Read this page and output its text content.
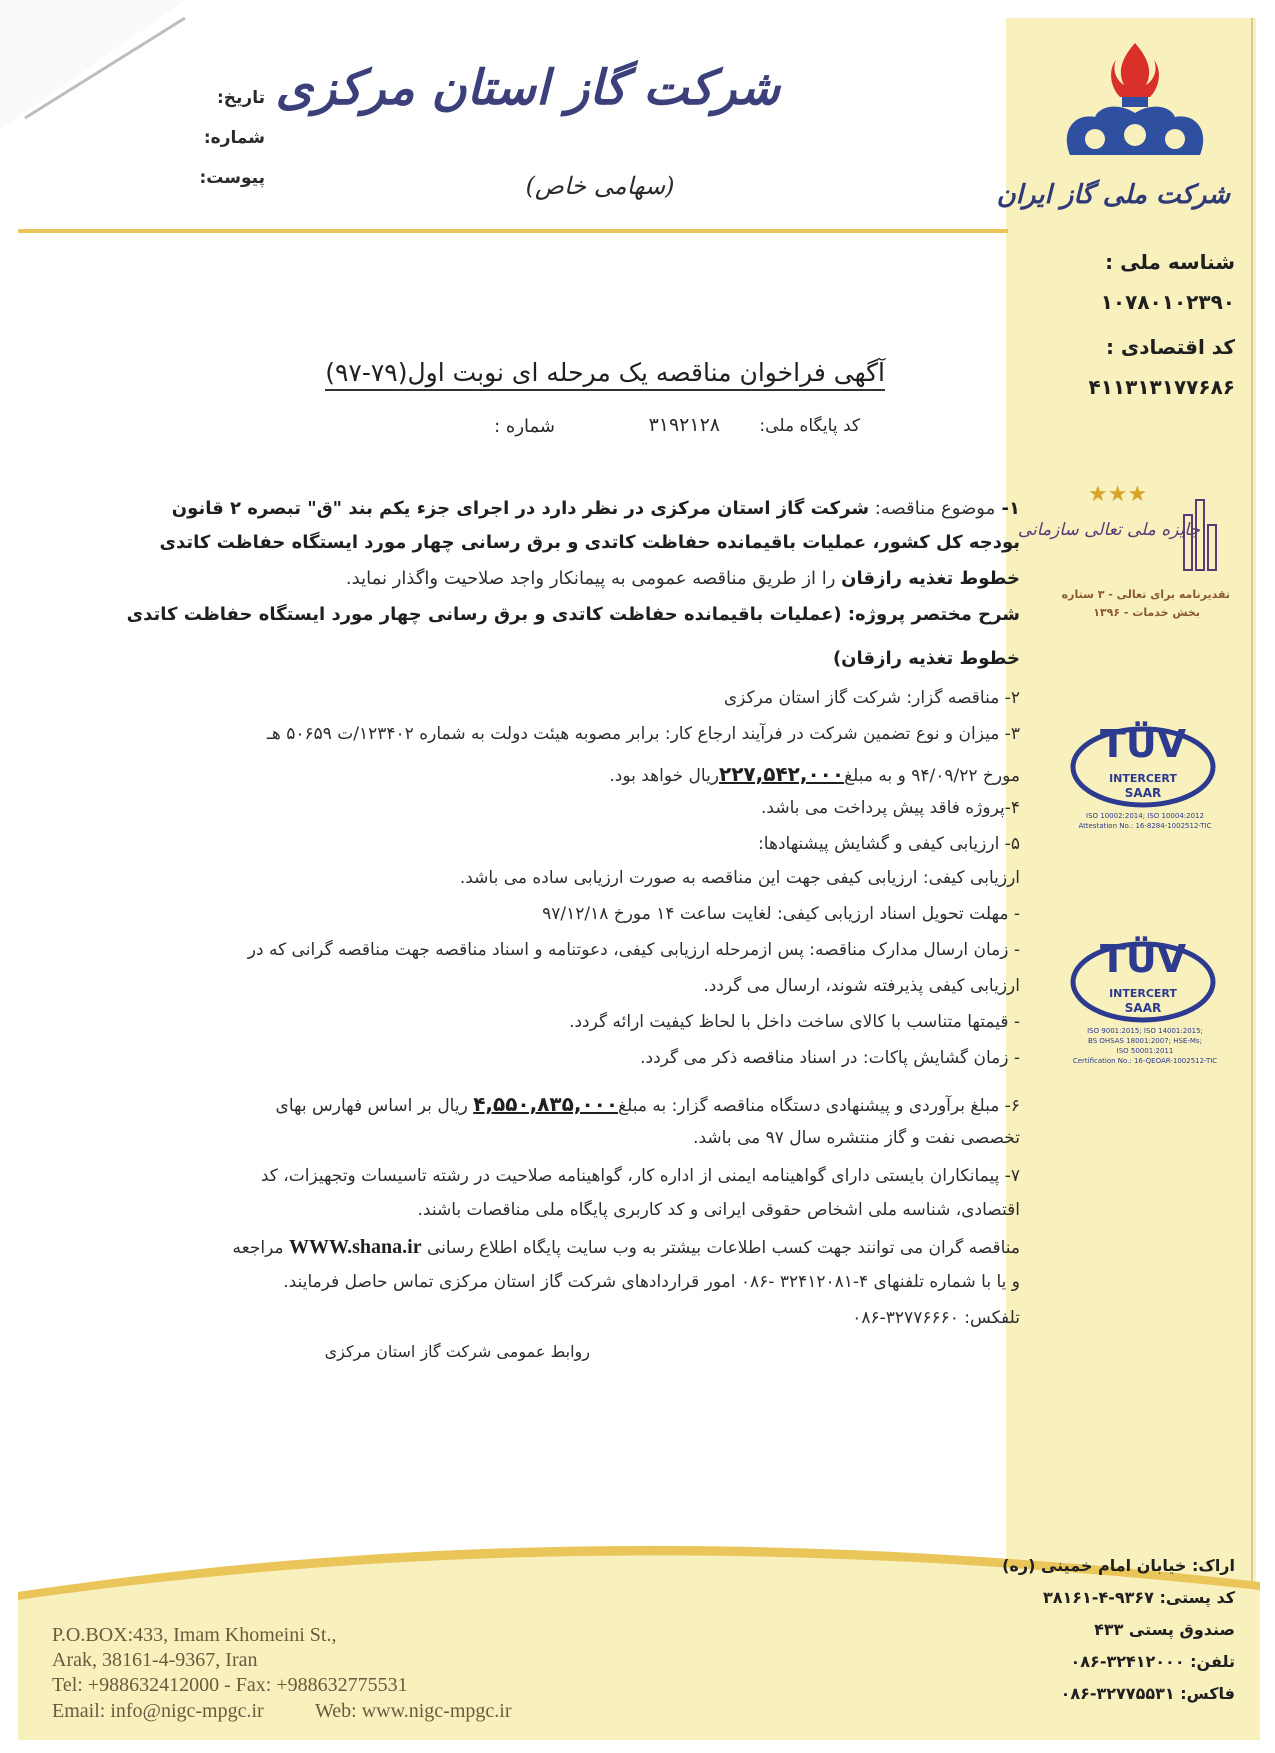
شرکت ملی گاز ایران
شناسه ملی :
۱۰۷۸۰۱۰۲۳۹۰
کد اقتصادی :
۴۱۱۳۱۳۱۷۷۶۸۶
★★★
جایزه ملی تعالی سازمانی
تقدیرنامه برای تعالی - ۳ ستاره
بخش خدمات - ۱۳۹۶
TÜV
INTERCERT
SAAR
ISO 10002:2014; ISO 10004:2012
Attestation No.: 16-8284-1002512-TIC
TÜV
INTERCERT
SAAR
ISO 9001:2015; ISO 14001:2015;
BS OHSAS 18001:2007; HSE-Ms;
ISO 50001:2011
Certification No.: 16-QEOAR-1002512-TIC
شرکت گاز استان مرکزی
(سهامی خاص)
تاریخ:
شماره:
پیوست:
آگهی فراخوان مناقصه یک مرحله ای نوبت اول(۷۹-۹۷)
کد پایگاه ملی:
۳۱۹۲۱۲۸
شماره :
۱- موضوع مناقصه: شرکت گاز استان مرکزی در نظر دارد در اجرای جزء یکم بند "ق" تبصره ۲ قانون
بودجه کل کشور، عملیات باقیمانده حفاظت کاتدی و برق رسانی چهار مورد ایستگاه حفاظت کاتدی
خطوط تغذیه رازقان را از طریق مناقصه عمومی به پیمانکار واجد صلاحیت واگذار نماید.
شرح مختصر پروژه: (عملیات باقیمانده حفاظت کاتدی و برق رسانی چهار مورد ایستگاه حفاظت کاتدی
خطوط تغذیه رازقان)
۲- مناقصه گزار: شرکت گاز استان مرکزی
۳- میزان و نوع تضمین شرکت در فرآیند ارجاع کار: برابر مصوبه هیئت دولت به شماره ۱۲۳۴۰۲/ت ۵۰۶۵۹ هـ
مورخ ۹۴/۰۹/۲۲ و به مبلغ۲۲۷,۵۴۲,۰۰۰ریال خواهد بود.
۴-پروژه فاقد پیش پرداخت می باشد.
۵- ارزیابی کیفی و گشایش پیشنهادها:
ارزیابی کیفی: ارزیابی کیفی جهت این مناقصه به صورت ارزیابی ساده می باشد.
- مهلت تحویل اسناد ارزیابی کیفی: لغایت ساعت ۱۴ مورخ ۹۷/۱۲/۱۸
- زمان ارسال مدارک مناقصه: پس ازمرحله ارزیابی کیفی، دعوتنامه و اسناد مناقصه جهت مناقصه گرانی که در
ارزیابی کیفی پذیرفته شوند، ارسال می گردد.
- قیمتها متناسب با کالای ساخت داخل با لحاظ کیفیت ارائه گردد.
- زمان گشایش پاکات: در اسناد مناقصه ذکر می گردد.
۶- مبلغ برآوردی و پیشنهادی دستگاه مناقصه گزار: به مبلغ۴,۵۵۰,۸۳۵,۰۰۰ ریال بر اساس فهارس بهای
تخصصی نفت و گاز منتشره سال ۹۷ می باشد.
۷- پیمانکاران بایستی دارای گواهینامه ایمنی از اداره کار، گواهینامه صلاحیت در رشته تاسیسات وتجهیزات، کد
اقتصادی، شناسه ملی اشخاص حقوقی ایرانی و کد کاربری پایگاه ملی مناقصات باشند.
مناقصه گران می توانند جهت کسب اطلاعات بیشتر به وب سایت پایگاه اطلاع رسانی WWW.shana.ir مراجعه
و یا با شماره تلفنهای ۴-۳۲۴۱۲۰۸۱ -۰۸۶ امور قراردادهای شرکت گاز استان مرکزی تماس حاصل فرمایند.
تلفکس: ۳۲۷۷۶۶۶۰-۰۸۶
روابط عمومی شرکت گاز استان مرکزی
P.O.BOX:433, Imam Khomeini St.,
Arak, 38161-4-9367, Iran
Tel: +988632412000 - Fax: +988632775531
Email: info@nigc-mpgc.ir	Web: www.nigc-mpgc.ir
اراک: خیابان امام خمینی (ره)
کد پستی: ۹۳۶۷-۴-۳۸۱۶۱
صندوق پستی ۴۳۳
تلفن: ۳۲۴۱۲۰۰۰-۰۸۶
فاکس: ۳۲۷۷۵۵۳۱-۰۸۶
